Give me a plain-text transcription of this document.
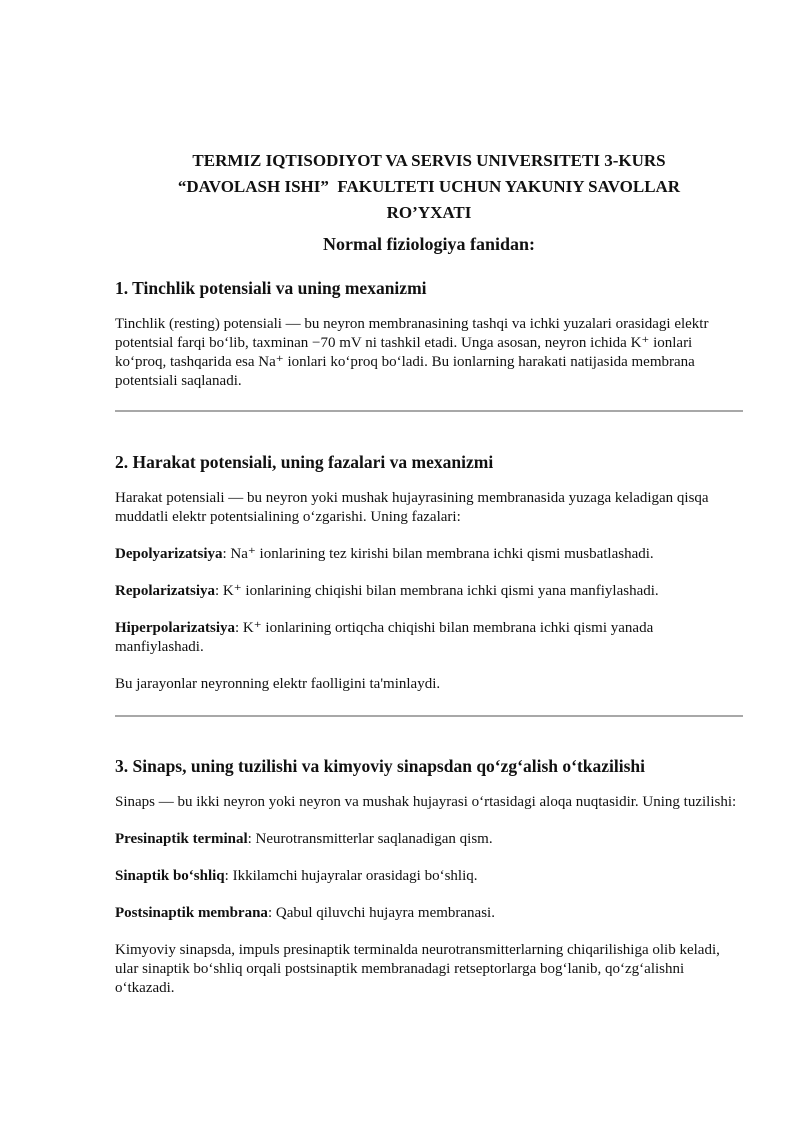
TERMIZ IQTISODIYOT VA SERVIS UNIVERSITETI 3-KURS
“DAVOLASH ISHI”  FAKULTETI UCHUN YAKUNIY SAVOLLAR
RO’YXATI
Normal fiziologiya fanidan:
1. Tinchlik potensiali va uning mexanizmi

Tinchlik (resting) potensiali — bu neyron membranasining tashqi va ichki yuzalari orasidagi elektr potentsial farqi bo‘lib, taxminan −70 mV ni tashkil etadi. Unga asosan, neyron ichida K⁺ ionlari ko‘proq, tashqarida esa Na⁺ ionlari ko‘proq bo‘ladi. Bu ionlarning harakati natijasida membrana potentsiali saqlanadi.

2. Harakat potensiali, uning fazalari va mexanizmi

Harakat potensiali — bu neyron yoki mushak hujayrasining membranasida yuzaga keladigan qisqa muddatli elektr potentsialining o‘zgarishi. Uning fazalari:

Depolyarizatsiya: Na⁺ ionlarining tez kirishi bilan membrana ichki qismi musbatlashadi.

Repolarizatsiya: K⁺ ionlarining chiqishi bilan membrana ichki qismi yana manfiylashadi.

Hiperpolarizatsiya: K⁺ ionlarining ortiqcha chiqishi bilan membrana ichki qismi yanada manfiylashadi.

Bu jarayonlar neyronning elektr faolligini ta'minlaydi.

3. Sinaps, uning tuzilishi va kimyoviy sinapsdan qo‘zg‘alish o‘tkazilishi

Sinaps — bu ikki neyron yoki neyron va mushak hujayrasi o‘rtasidagi aloqa nuqtasidir. Uning tuzilishi:

Presinaptik terminal: Neurotransmitterlar saqlanadigan qism.

Sinaptik bo‘shliq: Ikkilamchi hujayralar orasidagi bo‘shliq.

Postsinaptik membrana: Qabul qiluvchi hujayra membranasi.

Kimyoviy sinapsda, impuls presinaptik terminalda neurotransmitterlarning chiqarilishiga olib keladi, ular sinaptik bo‘shliq orqali postsinaptik membranadagi retseptorlarga bog‘lanib, qo‘zg‘alishni o‘tkazadi.
